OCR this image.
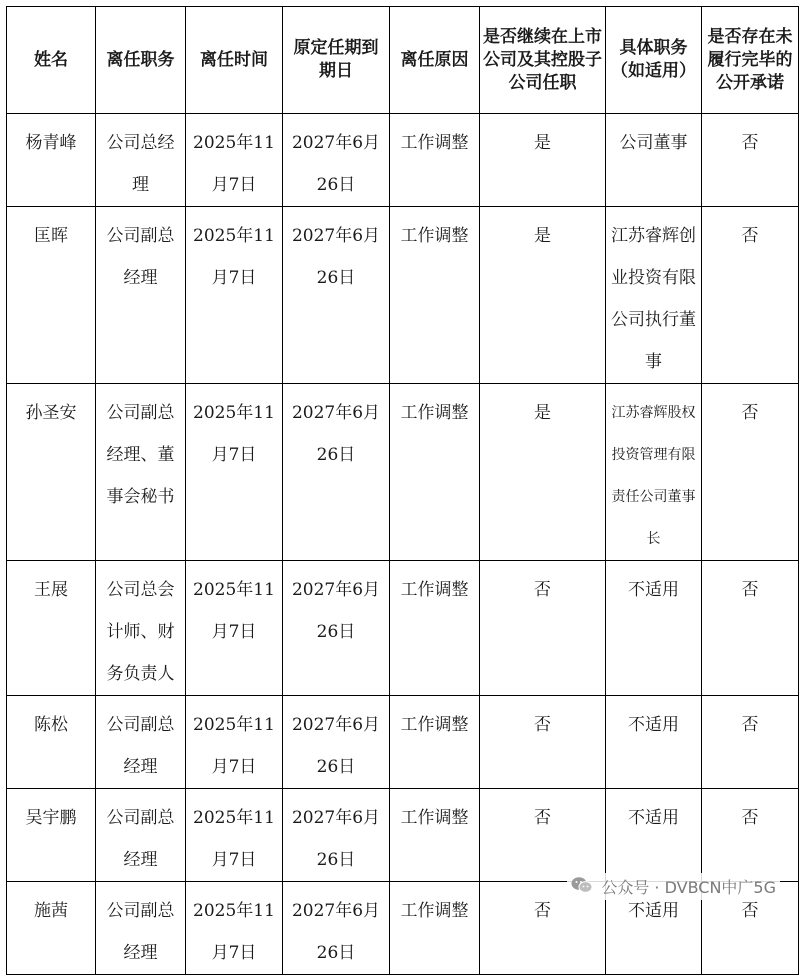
姓名	离任职务	离任时间	原定任期到期日	离任原因	是否继续在上市公司及其控股子公司任职	具体职务（如适用）	是否存在未履行完毕的公开承诺
杨青峰	公司总经理	2025年11月7日	2027年6月26日	工作调整	是	公司董事	否
匡晖	公司副总经理	2025年11月7日	2027年6月26日	工作调整	是	江苏睿辉创业投资有限公司执行董事	否
孙圣安	公司副总经理、董事会秘书	2025年11月7日	2027年6月26日	工作调整	是	江苏睿辉股权投资管理有限责任公司董事长	否
王展	公司总会计师、财务负责人	2025年11月7日	2027年6月26日	工作调整	否	不适用	否
陈松	公司副总经理	2025年11月7日	2027年6月26日	工作调整	否	不适用	否
吴宇鹏	公司副总经理	2025年11月7日	2027年6月26日	工作调整	否	不适用	否
施茜	公司副总经理	2025年11月7日	2027年6月26日	工作调整	否	不适用	否
公众号 · DVBCN中广5G
